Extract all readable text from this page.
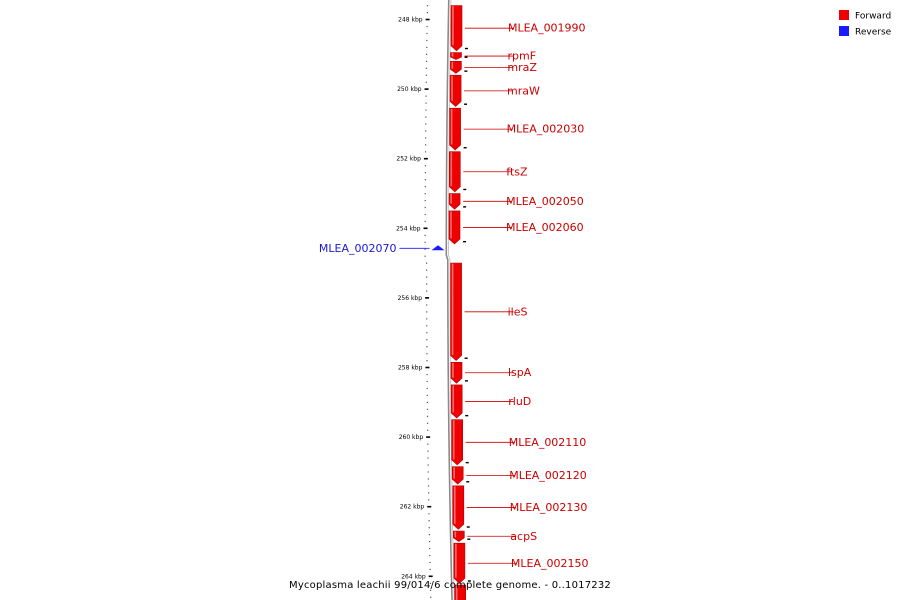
248 kbp
250 kbp
252 kbp
254 kbp
256 kbp
258 kbp
260 kbp
262 kbp
264 kbp
MLEA_001990
rpmF
mraZ
mraW
MLEA_002030
ftsZ
MLEA_002050
MLEA_002060
MLEA_002070
ileS
lspA
rluD
MLEA_002110
MLEA_002120
MLEA_002130
acpS
MLEA_002150
Forward
Reverse
Mycoplasma leachii 99/014/6 complete genome. - 0..1017232
